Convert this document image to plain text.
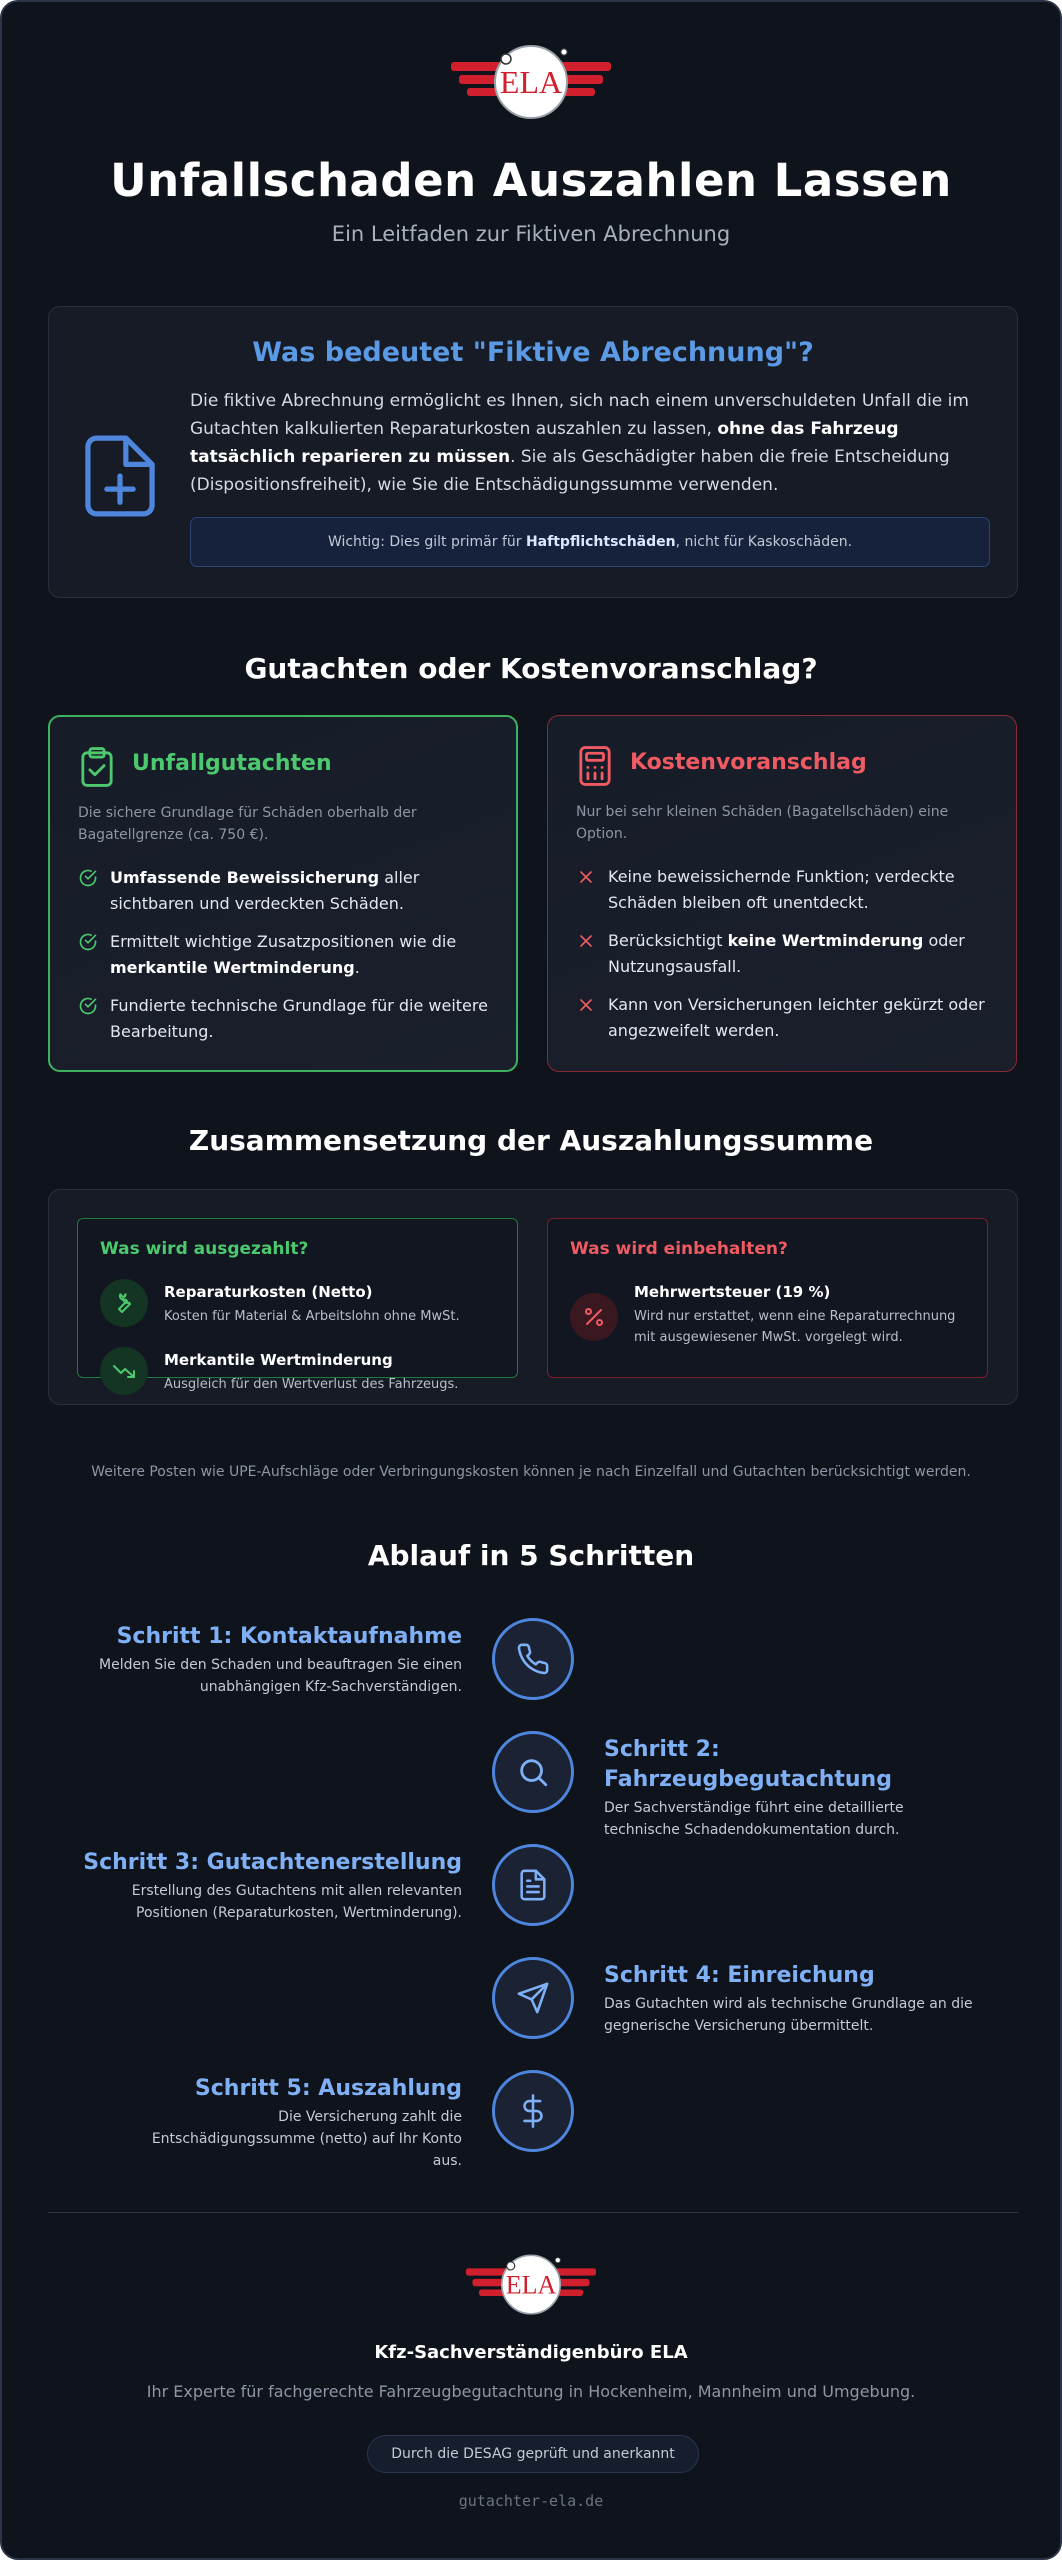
ELA
Unfallschaden Auszahlen Lassen
Ein Leitfaden zur Fiktiven Abrechnung
Was bedeutet "Fiktive Abrechnung"?
Die fiktive Abrechnung ermöglicht es Ihnen, sich nach einem unverschuldeten Unfall die im Gutachten kalkulierten Reparaturkosten auszahlen zu lassen, ohne das Fahrzeug tatsächlich reparieren zu müssen. Sie als Geschädigter haben die freie Entscheidung (Dispositionsfreiheit), wie Sie die Entschädigungssumme verwenden.
Wichtig: Dies gilt primär für Haftpflichtschäden, nicht für Kaskoschäden.
Gutachten oder Kostenvoranschlag?
Unfallgutachten
Die sichere Grundlage für Schäden oberhalb der Bagatellgrenze (ca. 750 €).
Umfassende Beweissicherung aller sichtbaren und verdeckten Schäden.
Ermittelt wichtige Zusatzpositionen wie die merkantile Wertminderung.
Fundierte technische Grundlage für die weitere Bearbeitung.
Kostenvoranschlag
Nur bei sehr kleinen Schäden (Bagatellschäden) eine Option.
Keine beweissichernde Funktion; verdeckte Schäden bleiben oft unentdeckt.
Berücksichtigt keine Wertminderung oder Nutzungsausfall.
Kann von Versicherungen leichter gekürzt oder angezweifelt werden.
Zusammensetzung der Auszahlungssumme
Was wird ausgezahlt?
Reparaturkosten (Netto)
Kosten für Material & Arbeitslohn ohne MwSt.
Merkantile Wertminderung
Ausgleich für den Wertverlust des Fahrzeugs.
Was wird einbehalten?
Mehrwertsteuer (19 %)
Wird nur erstattet, wenn eine Reparaturrechnung mit ausgewiesener MwSt. vorgelegt wird.
Weitere Posten wie UPE-Aufschläge oder Verbringungskosten können je nach Einzelfall und Gutachten berücksichtigt werden.
Ablauf in 5 Schritten
Schritt 1: Kontaktaufnahme
Melden Sie den Schaden und beauftragen Sie einen unabhängigen Kfz-Sachverständigen.
Schritt 2: Fahrzeugbegutachtung
Der Sachverständige führt eine detaillierte technische Schadendokumentation durch.
Schritt 3: Gutachtenerstellung
Erstellung des Gutachtens mit allen relevanten Positionen (Reparaturkosten, Wertminderung).
Schritt 4: Einreichung
Das Gutachten wird als technische Grundlage an die gegnerische Versicherung übermittelt.
Schritt 5: Auszahlung
Die Versicherung zahlt die Entschädigungssumme (netto) auf Ihr Konto aus.
ELA
Kfz-Sachverständigenbüro ELA
Ihr Experte für fachgerechte Fahrzeugbegutachtung in Hockenheim, Mannheim und Umgebung.
Durch die DESAG geprüft und anerkannt
gutachter-ela.de
